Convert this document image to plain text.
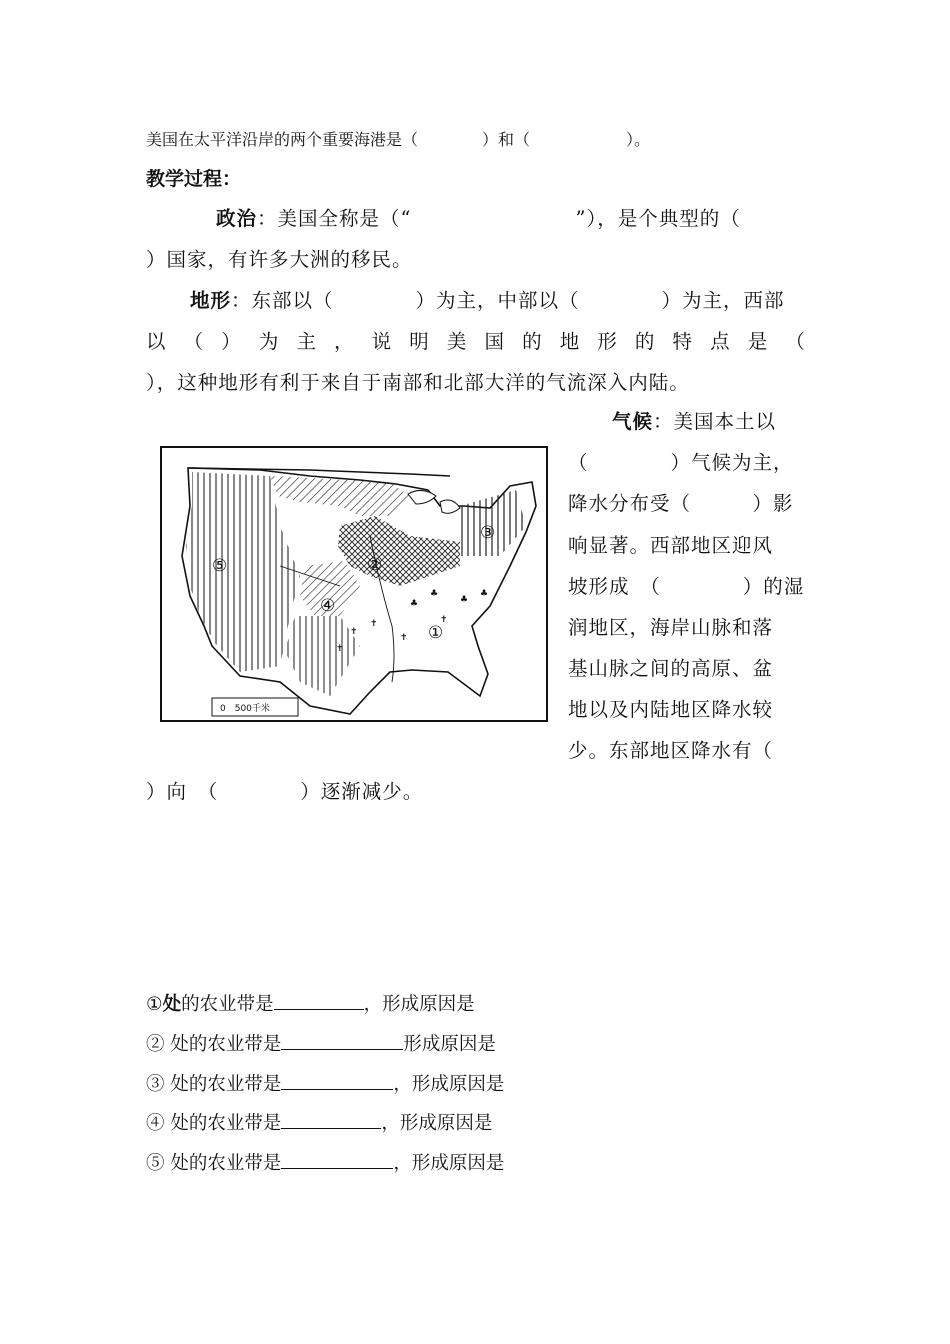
美国在太平洋沿岸的两个重要海港是（　　　　）和（　　　　　　）。
教学过程：
政治：美国全称是（“　　　　　　　　”），是个典型的（
）国家，有许多大洲的移民。
地形：东部以（　　　　）为主，中部以（　　　　）为主，西部
以 （ ） 为 主 ， 说 明 美 国 的 地 形 的 特 点 是 （
），这种地形有利于来自于南部和北部大洋的气流深入内陆。
气候：美国本土以
（　　　　）气候为主，
降水分布受（　　　）影
响显著。西部地区迎风
坡形成　（　　　　）的湿
润地区，海岸山脉和落
基山脉之间的高原、盆
地以及内陆地区降水较
少。东部地区降水有（
）向　（　　　　）逐渐减少。
♣
♣
♣
♣
✝
✝
✝
✝
✝
⑤	②
③
④
①
0　500千米
①处的农业带是	，形成原因是
② 处的农业带是	形成原因是
③ 处的农业带是	，形成原因是
④ 处的农业带是	，形成原因是
⑤ 处的农业带是	，形成原因是
